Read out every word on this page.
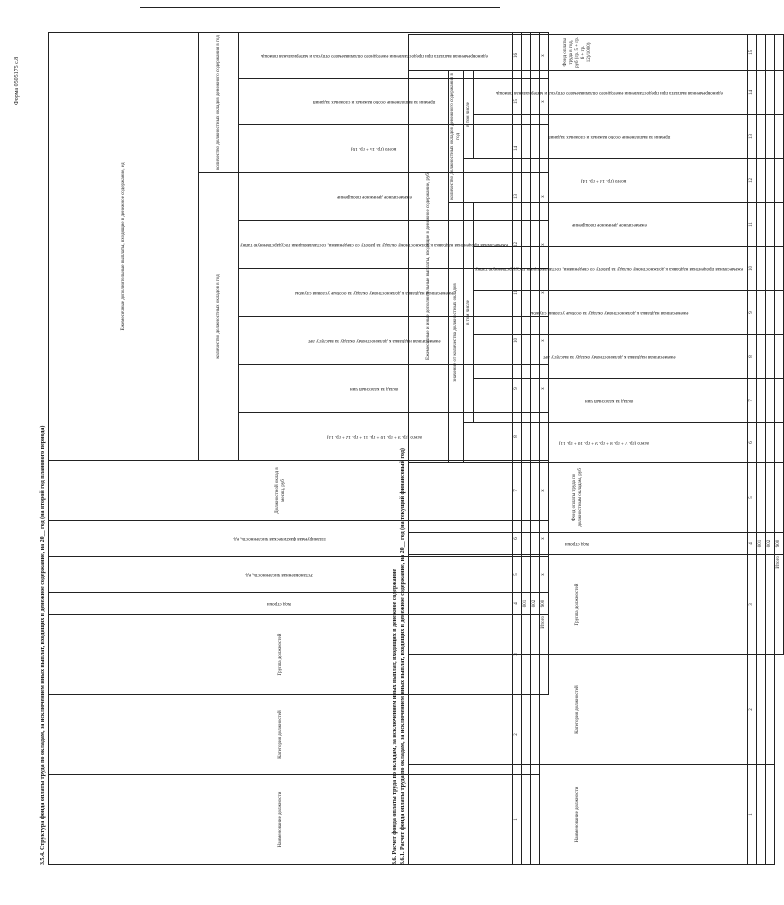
Форма 0505175 с.8
3.5.4. Структура фонда оплаты труда по окладам, за исключением иных выплат, входящих в денежное содержание, на 20__ год (на второй год планового периода)	Наименование должности	Категория должностей	Группа должностей	Код строки	Установленная численность, ед.	Планируемая фактическая численность, ед.	Должностной оклад в месяц, руб	Ежемесячные дополнительные выплаты, входящие в денежное содержание, ед								
							количество должностных окладов в год						количество должностных окладов денежного содержания в год		
							всего (гр. 9 + гр. 10 + гр. 11 + гр. 12 + гр. 13)	оклад за классный чин	ежемесячная надбавка к должностному окладу за выслугу лет	ежемесячная надбавка к должностному окладу за особые условия службы	ежемесячная процентная надбавка к должностному окладу за работу со сведениями, составляющими государственную тайну	ежемесячное денежное поощрение	всего (гр. 15 + гр. 16)	премии за выполнение особо важных и сложных заданий	единовременная выплата при предоставлении ежегодного оплачиваемого отпуска и материальная помощь
1	2	3	4	5	6	7	8	9	10	11	12	13	14	15	16
			001												
			002												
		Итого	900	x	x	x		x	x	x	x	x		x	x
3.6. Расчет фонда оплаты труда по окладам, за исключением иных выплат, входящих в денежное содержание 3.6.1. Расчет фонда оплаты труда по окладам, за исключением иных выплат, входящих в денежное содержание, на 20__ год (на текущий финансовый год)	Наименование должности	Категория должностей	Группа должностей	Код строки	Фонд оплаты труда по должностным окладам, руб	Ежемесячные и иные дополнительные выплаты, входящие в денежное содержание, руб									Фонд оплаты труда в год, руб (гр. 5 + гр. 6 + гр. 12)/1000)
					значение от количества должностных окладов						количество должностных окладов денежного содержания в год			
					всего (гр. 7 + гр. 8 + гр. 9 + гр. 10 + гр. 11)	в том числе					всего (гр. 13 + гр. 14)	в том числе		
						оклад за классный чин	ежемесячная надбавка к должностному окладу за выслугу лет	ежемесячная надбавка к должностному окладу за особые условия службы	ежемесячная процентная надбавка к должностному окладу за работу со сведениями, составляющими государственную тайну	ежемесячное денежное поощрение		премии за выполнение особо важных и сложных заданий	единовременная выплата при предоставлении ежегодного оплачиваемого отпуска и материальная помощь	
1	2	3	4	5	6	7	8	9	10	11	12	13	14	15
			001											
			002											
		Итого	900											
